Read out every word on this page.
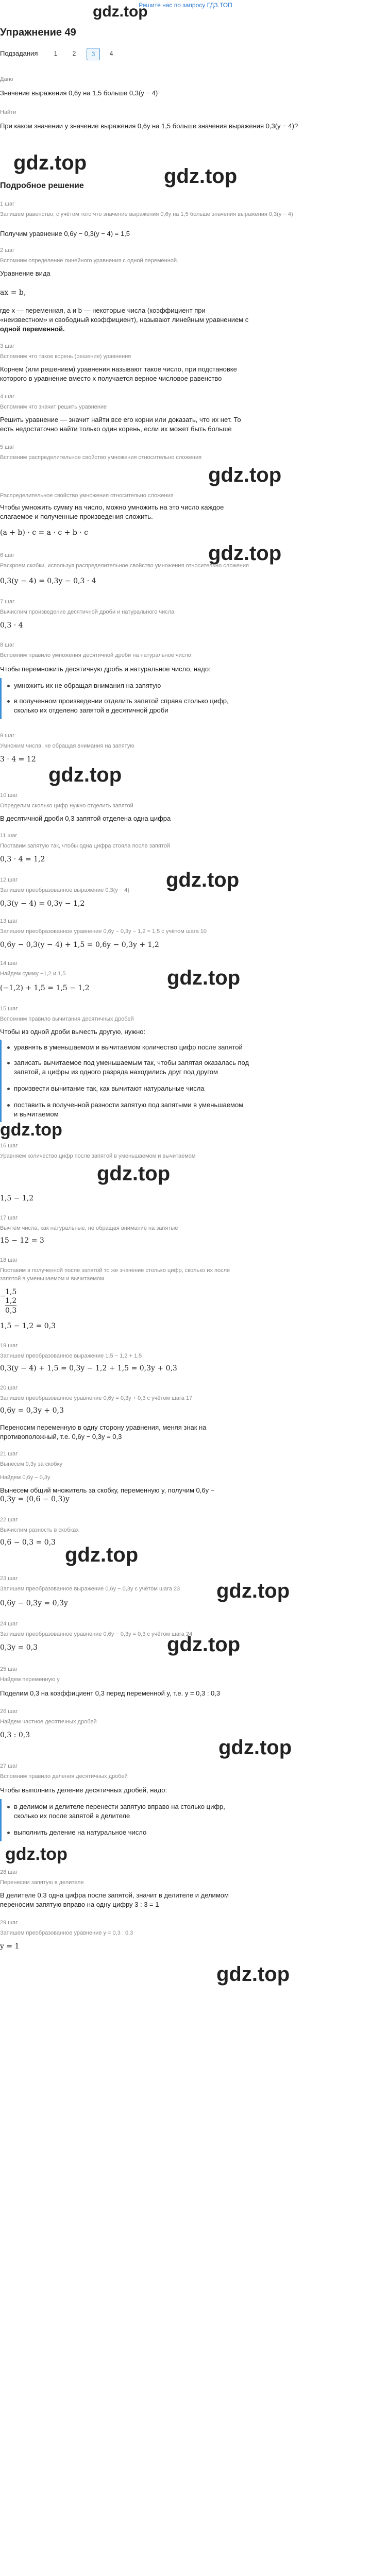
Решите нас по запросу ГДЗ.ТОП
gdz.top
Упражнение 49
Подзадания	1	2	3	4
Дано
Значение выражения 0,6y на 1,5 больше 0,3(y − 4)
Найти
При каком значении y значение выражения 0,6y на 1,5 больше значения выражения 0,3(y − 4)?
gdz.top
Подробное решение	gdz.top
1 шаг
Запишем равенство, с учётом того что значение выражения 0,6y на 1,5 больше значения выражения 0,3(y − 4)
Получим уравнение 0,6y − 0,3(y − 4) = 1,5
2 шаг
Вспомним определение линейного уравнения с одной переменной.
Уравнение вида
ax = b,
где x — переменная, a и b — некоторые числа (коэффициент при
«неизвестном» и свободный коэффициент), называют линейным уравнением с
одной переменной.
3 шаг
Вспомним что такое корень (решение) уравнения
Корнем (или решением) уравнения называют такое число, при подстановке
которого в уравнение вместо x получается верное числовое равенство
4 шаг
Вспомним что значит решить уравнение
Решить уравнение — значит найти все его корни или доказать, что их нет. То
есть недостаточно найти только один корень, если их может быть больше
5 шаг
Вспомним распределительное свойство умножения относительно сложения
gdz.top
Распределительное свойство умножения относительно сложения
Чтобы умножить сумму на число, можно умножить на это число каждое
слагаемое и полученные произведения сложить.
(a + b) · c = a · c + b · c
6 шаг
Раскроем скобки, используя распределительное свойство умножения относительно сложения
gdz.top
0,3(y − 4) = 0,3y − 0,3 · 4
7 шаг
Вычислим произведение десятичной дроби и натурального числа
0,3 · 4
8 шаг
Вспомним правило умножения десятичной дроби на натуральное число
Чтобы перемножить десятичную дробь и натуральное число, надо:
умножить их не обращая внимания на запятую
в полученном произведении отделить запятой справа столько цифр,
сколько их отделено запятой в десятичной дроби
9 шаг
Умножим числа, не обращая внимания на запятую
3 · 4 = 12
gdz.top
10 шаг
Определим сколько цифр нужно отделить запятой
В десятичной дроби 0,3 запятой отделена одна цифра
11 шаг
Поставим запятую так, чтобы одна цифра стояла после запятой
0,3 · 4 = 1,2
12 шаг
Запишем преобразованное выражение 0,3(y − 4) gdz.top
0,3(y − 4) = 0,3y − 1,2
13 шаг
Запишем преобразованное уравнение 0,6y − 0,3y − 1,2 = 1,5 с учётом шага 10
0,6y − 0,3(y − 4) + 1,5 = 0,6y − 0,3y + 1,2
14 шаг
Найдем сумму −1,2 и 1,5	gdz.top
(−1,2) + 1,5 = 1,5 − 1,2
15 шаг
Вспомним правило вычитания десятичных дробей
Чтобы из одной дроби вычесть другую, нужно:
уравнять в уменьшаемом и вычитаемом количество цифр после запятой
записать вычитаемое под уменьшаемым так, чтобы запятая оказалась под
запятой, а цифры из одного разряда находились друг под другом
произвести вычитание так, как вычитают натуральные числа
поставить в полученной разности запятую под запятыми в уменьшаемом
и вычитаемом
gdz.top
16 шаг
Уравняем количество цифр после запятой в уменьшаемом и вычитаемом
gdz.top
1,5 − 1,2
17 шаг
Вычтем числа, как натуральные, не обращая внимание на запятые
15 − 12 = 3
18 шаг
Поставим в полученной после запятой то же значение столько цифр, сколько их после
запятой в уменьшаемом и вычитаемом
1,5
−
1,2
0,3
1,5 − 1,2 = 0,3
19 шаг
Запишем преобразованное выражение 1,5 − 1,2 + 1,5
0,3(y − 4) + 1,5 = 0,3y − 1,2 + 1,5 = 0,3y + 0,3
20 шаг
Запишем преобразованное уравнение 0,6y = 0,3y + 0,3 с учётом шага 17
0,6y = 0,3y + 0,3
Переносим переменную в одну сторону уравнения, меняя знак на
противоположный, т.е. 0,6y − 0,3y = 0,3
21 шаг
Вынесем 0,3y за скобку
Найдем 0,6y − 0,3y
Вынесем общий множитель за скобку, переменную y, получим 0,6y −
0,3y = (0,6 − 0,3)y
22 шаг
Вычислим разность в скобках
0,6 − 0,3 = 0,3
gdz.top
23 шаг
Запишем преобразованное выражение 0,6y − 0,3y с учётом шага 23 gdz.top
0,6y − 0,3y = 0,3y
24 шаг
Запишем преобразованное уравнение 0,6y − 0,3y = 0,3 с учётом шага 24
0,3y = 0,3	gdz.top
25 шаг
Найдем переменную y
Поделим 0,3 на коэффициент 0,3 перед переменной y, т.е. y = 0,3 : 0,3
26 шаг
Найдем частное десятичных дробей
0,3 : 0,3
gdz.top
27 шаг
Вспомним правило деления десятичных дробей
Чтобы выполнить деление десятичных дробей, надо:
в делимом и делителе перенести запятую вправо на столько цифр,
сколько их после запятой в делителе
выполнить деление на натуральное число
gdz.top
28 шаг
Перенесем запятую в делителе
В делителе 0,3 одна цифра после запятой, значит в делителе и делимом
переносим запятую вправо на одну цифру 3 : 3 = 1
29 шаг
Запишем преобразованное уравнение y = 0,3 : 0,3
y = 1
gdz.top
